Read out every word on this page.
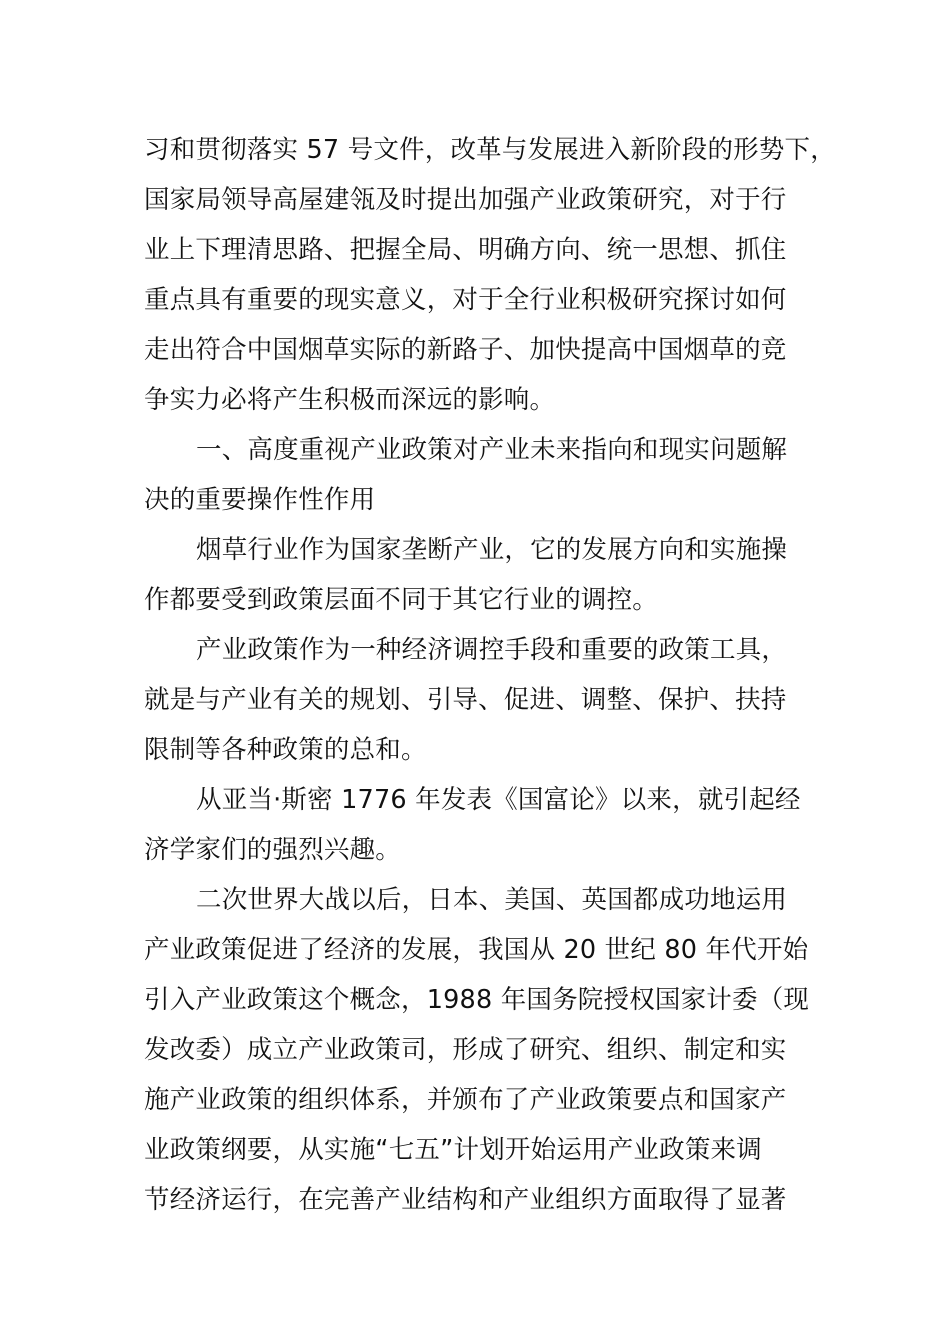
习和贯彻落实 57 号文件，改革与发展进入新阶段的形势下，
国家局领导高屋建瓴及时提出加强产业政策研究，对于行
业上下理清思路、把握全局、明确方向、统一思想、抓住
重点具有重要的现实意义，对于全行业积极研究探讨如何
走出符合中国烟草实际的新路子、加快提高中国烟草的竞
争实力必将产生积极而深远的影响。
一、高度重视产业政策对产业未来指向和现实问题解
决的重要操作性作用
烟草行业作为国家垄断产业，它的发展方向和实施操
作都要受到政策层面不同于其它行业的调控。
产业政策作为一种经济调控手段和重要的政策工具，
就是与产业有关的规划、引导、促进、调整、保护、扶持
限制等各种政策的总和。
从亚当·斯密 1776 年发表《国富论》以来，就引起经
济学家们的强烈兴趣。
二次世界大战以后，日本、美国、英国都成功地运用
产业政策促进了经济的发展，我国从 20 世纪 80 年代开始
引入产业政策这个概念，1988 年国务院授权国家计委（现
发改委）成立产业政策司，形成了研究、组织、制定和实
施产业政策的组织体系，并颁布了产业政策要点和国家产
业政策纲要，从实施“七五”计划开始运用产业政策来调
节经济运行，在完善产业结构和产业组织方面取得了显著
